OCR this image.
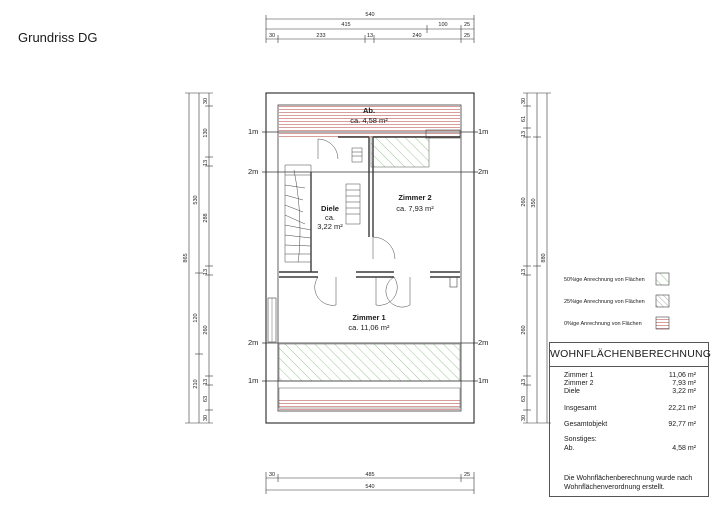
Grundriss DG
540
415	100	25
30	233	13	240	25
30	485	25
540
865
530
120
210
30
130
13
288
13
260
13
63
30
30
61
13
260
13
260
13
63
30
350
880
1m
2m
2m
1m
1m
2m
2m
1m
Ab.
ca. 4,58 m²
Zimmer 2
ca. 7,93 m²
Diele
ca.
3,22 m²
Zimmer 1
ca. 11,06 m²
50%ige Anrechnung von Flächen
25%ige Anrechnung von Flächen
0%ige Anrechnung von Flächen
WOHNFLÄCHENBERECHNUNG
Zimmer 1	11,06 m²
Zimmer 2	7,93 m²
Diele	3,22 m²
Insgesamt	22,21 m²
Gesamtobjekt	92,77 m²
Sonstiges:
Ab.	4,58 m²
Die Wohnflächenberechnung wurde nach Wohnflächenverordnung erstellt.
